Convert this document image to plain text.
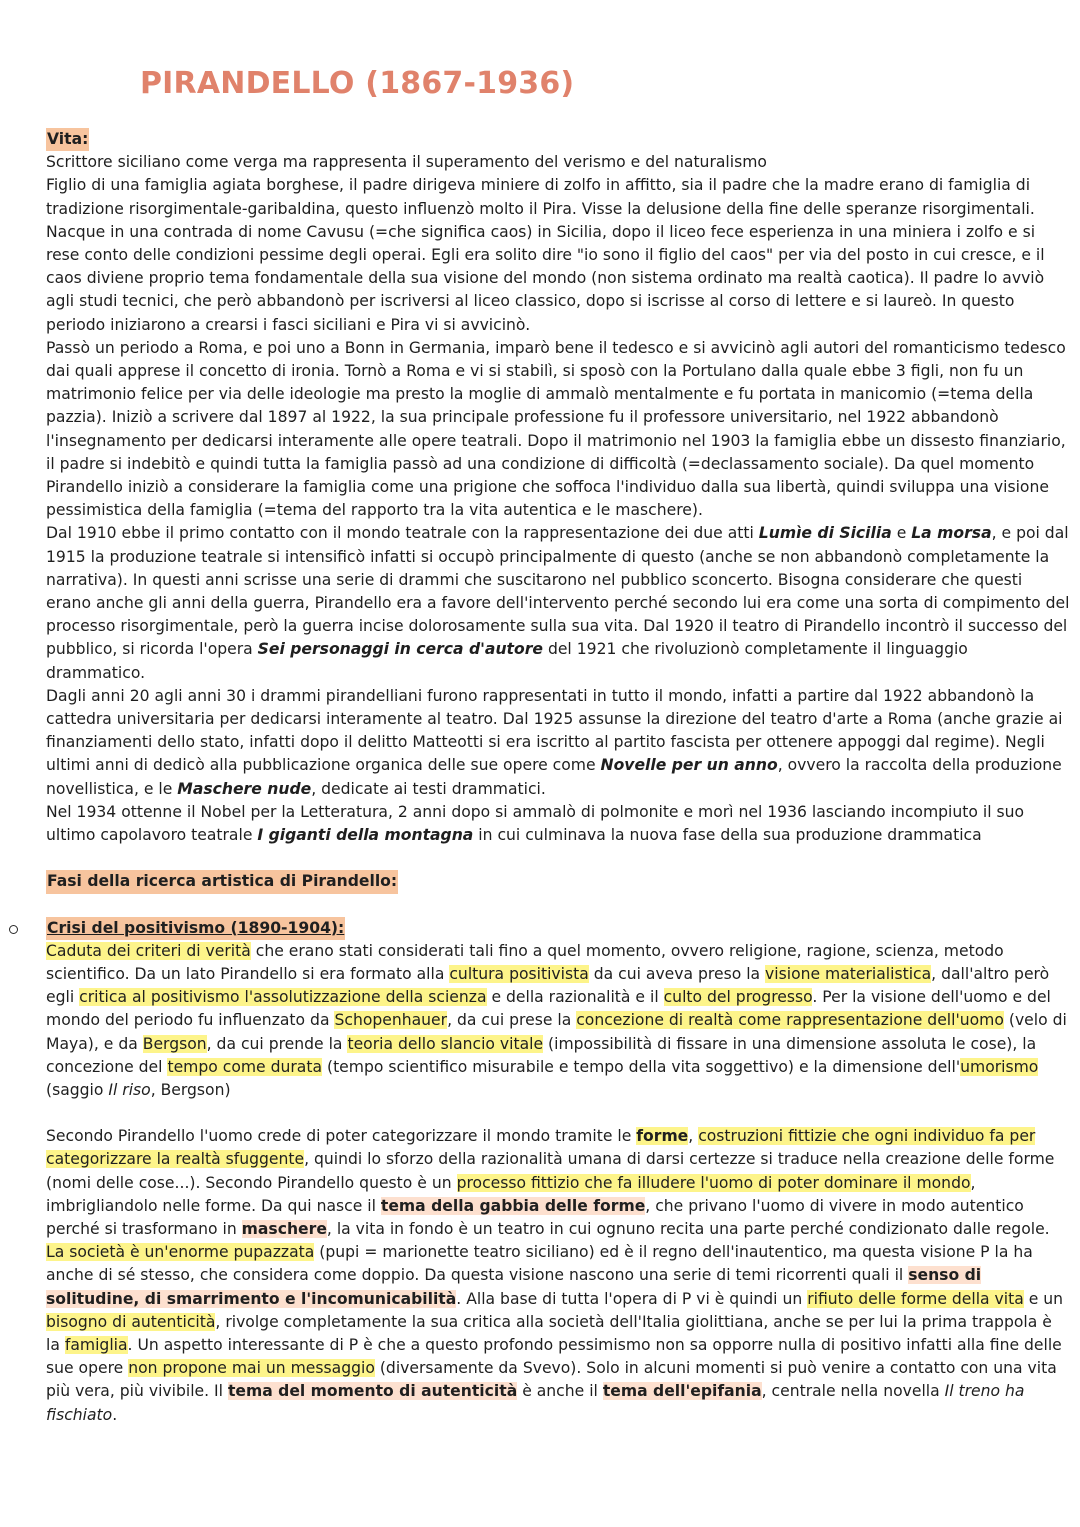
PIRANDELLO (1867-1936)

Vita:

Scrittore siciliano come verga ma rappresenta il superamento del verismo e del naturalismo

Figlio di una famiglia agiata borghese, il padre dirigeva miniere di zolfo in affitto, sia il padre che la madre erano di famiglia di tradizione risorgimentale-garibaldina, questo influenzò molto il Pira. Visse la delusione della fine delle speranze risorgimentali. Nacque in una contrada di nome Cavusu (=che significa caos) in Sicilia, dopo il liceo fece esperienza in una miniera i zolfo e si rese conto delle condizioni pessime degli operai. Egli era solito dire "io sono il figlio del caos" per via del posto in cui cresce, e il caos diviene proprio tema fondamentale della sua visione del mondo (non sistema ordinato ma realtà caotica). Il padre lo avviò agli studi tecnici, che però abbandonò per iscriversi al liceo classico, dopo si iscrisse al corso di lettere e si laureò. In questo periodo iniziarono a crearsi i fasci siciliani e Pira vi si avvicinò.

Passò un periodo a Roma, e poi uno a Bonn in Germania, imparò bene il tedesco e si avvicinò agli autori del romanticismo tedesco dai quali apprese il concetto di ironia. Tornò a Roma e vi si stabilì, si sposò con la Portulano dalla quale ebbe 3 figli, non fu un matrimonio felice per via delle ideologie ma presto la moglie di ammalò mentalmente e fu portata in manicomio (=tema della pazzia). Iniziò a scrivere dal 1897 al 1922, la sua principale professione fu il professore universitario, nel 1922 abbandonò l'insegnamento per dedicarsi interamente alle opere teatrali. Dopo il matrimonio nel 1903 la famiglia ebbe un dissesto finanziario, il padre si indebitò e quindi tutta la famiglia passò ad una condizione di difficoltà (=declassamento sociale). Da quel momento Pirandello iniziò a considerare la famiglia come una prigione che soffoca l'individuo dalla sua libertà, quindi sviluppa una visione pessimistica della famiglia (=tema del rapporto tra la vita autentica e le maschere).

Dal 1910 ebbe il primo contatto con il mondo teatrale con la rappresentazione dei due atti Lumìe di Sicilia e La morsa, e poi dal 1915 la produzione teatrale si intensificò infatti si occupò principalmente di questo (anche se non abbandonò completamente la narrativa). In questi anni scrisse una serie di drammi che suscitarono nel pubblico sconcerto. Bisogna considerare che questi erano anche gli anni della guerra, Pirandello era a favore dell'intervento perché secondo lui era come una sorta di compimento del processo risorgimentale, però la guerra incise dolorosamente sulla sua vita. Dal 1920 il teatro di Pirandello incontrò il successo del pubblico, si ricorda l'opera Sei personaggi in cerca d'autore del 1921 che rivoluzionò completamente il linguaggio drammatico.

Dagli anni 20 agli anni 30 i drammi pirandelliani furono rappresentati in tutto il mondo, infatti a partire dal 1922 abbandonò la cattedra universitaria per dedicarsi interamente al teatro. Dal 1925 assunse la direzione del teatro d'arte a Roma (anche grazie ai finanziamenti dello stato, infatti dopo il delitto Matteotti si era iscritto al partito fascista per ottenere appoggi dal regime). Negli ultimi anni di dedicò alla pubblicazione organica delle sue opere come Novelle per un anno, ovvero la raccolta della produzione novellistica, e le Maschere nude, dedicate ai testi drammatici.

Nel 1934 ottenne il Nobel per la Letteratura, 2 anni dopo si ammalò di polmonite e morì nel 1936 lasciando incompiuto il suo ultimo capolavoro teatrale I giganti della montagna in cui culminava la nuova fase della sua produzione drammatica

Fasi della ricerca artistica di Pirandello:

Crisi del positivismo (1890-1904):

Caduta dei criteri di verità che erano stati considerati tali fino a quel momento, ovvero religione, ragione, scienza, metodo scientifico. Da un lato Pirandello si era formato alla cultura positivista da cui aveva preso la visione materialistica, dall'altro però egli critica al positivismo l'assolutizzazione della scienza e della razionalità e il culto del progresso. Per la visione dell'uomo e del mondo del periodo fu influenzato da Schopenhauer, da cui prese la concezione di realtà come rappresentazione dell'uomo (velo di Maya), e da Bergson, da cui prende la teoria dello slancio vitale (impossibilità di fissare in una dimensione assoluta le cose), la concezione del tempo come durata (tempo scientifico misurabile e tempo della vita soggettivo) e la dimensione dell'umorismo (saggio Il riso, Bergson)

Secondo Pirandello l'uomo crede di poter categorizzare il mondo tramite le forme, costruzioni fittizie che ogni individuo fa per categorizzare la realtà sfuggente, quindi lo sforzo della razionalità umana di darsi certezze si traduce nella creazione delle forme (nomi delle cose...). Secondo Pirandello questo è un processo fittizio che fa illudere l'uomo di poter dominare il mondo, imbrigliandolo nelle forme. Da qui nasce il tema della gabbia delle forme, che privano l'uomo di vivere in modo autentico perché si trasformano in maschere, la vita in fondo è un teatro in cui ognuno recita una parte perché condizionato dalle regole. La società è un'enorme pupazzata (pupi = marionette teatro siciliano) ed è il regno dell'inautentico, ma questa visione P la ha anche di sé stesso, che considera come doppio. Da questa visione nascono una serie di temi ricorrenti quali il senso di solitudine, di smarrimento e l'incomunicabilità. Alla base di tutta l'opera di P vi è quindi un rifiuto delle forme della vita e un bisogno di autenticità, rivolge completamente la sua critica alla società dell'Italia giolittiana, anche se per lui la prima trappola è la famiglia. Un aspetto interessante di P è che a questo profondo pessimismo non sa opporre nulla di positivo infatti alla fine delle sue opere non propone mai un messaggio (diversamente da Svevo). Solo in alcuni momenti si può venire a contatto con una vita più vera, più vivibile. Il tema del momento di autenticità è anche il tema dell'epifania, centrale nella novella Il treno ha fischiato.
